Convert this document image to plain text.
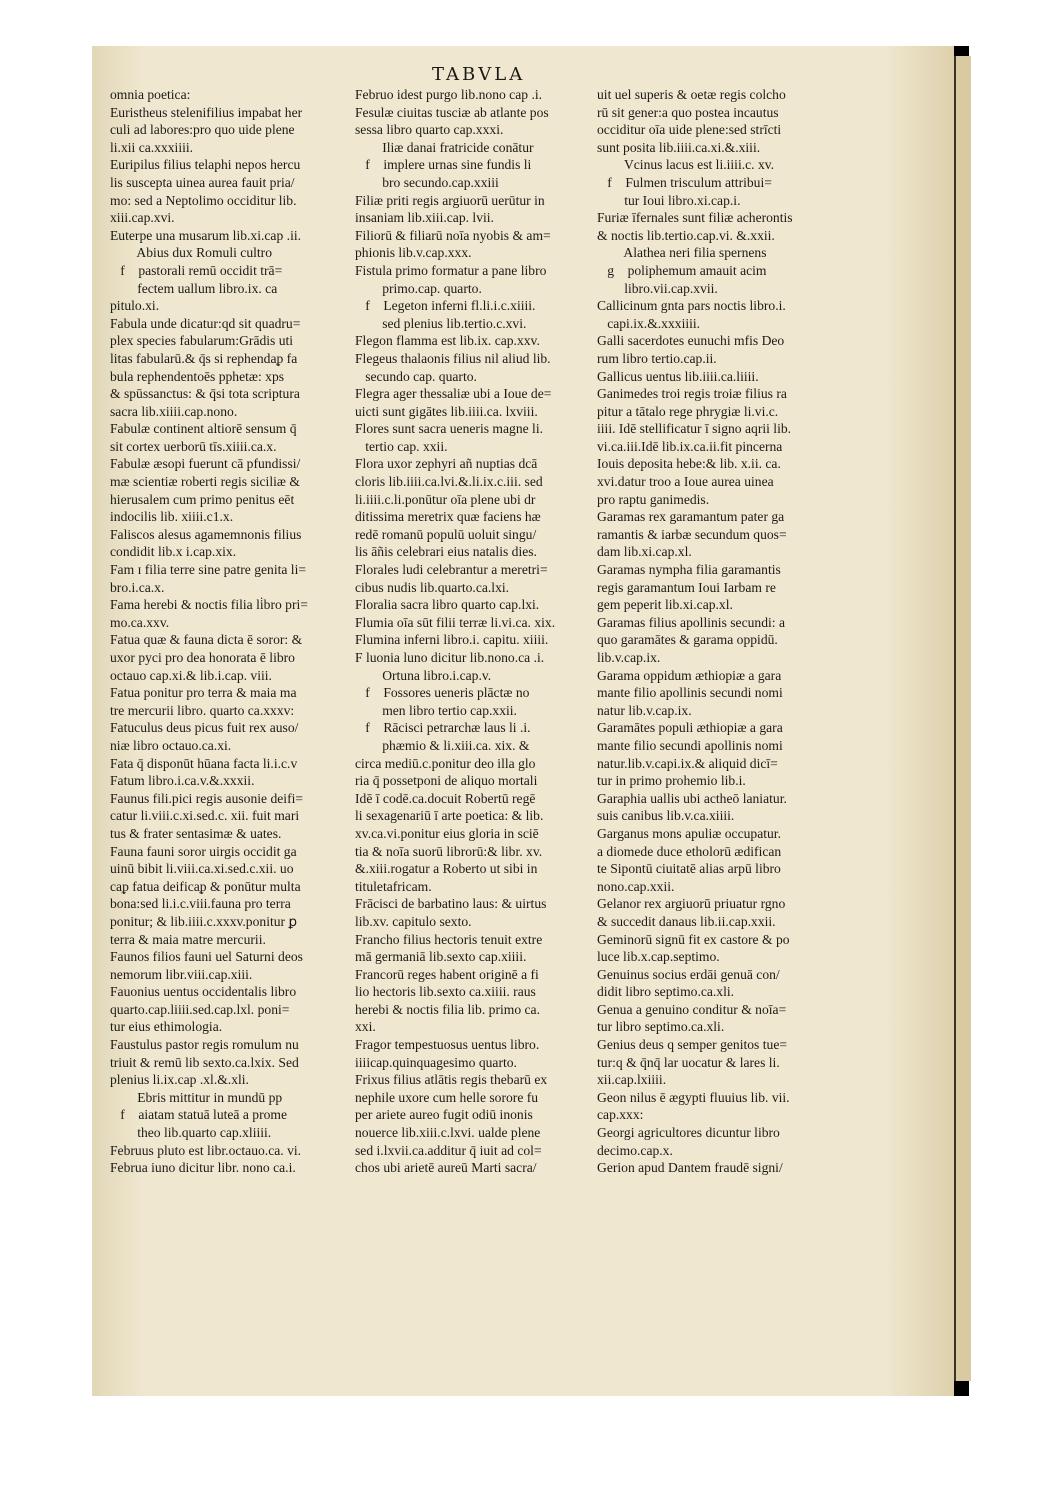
TABVLA
omnia poetica:
Euristheus stelenifilius impabat her
culi ad labores:pro quo uide plene
li.xii ca.xxxiiii.
Euripilus filius telaphi nepos hercu
lis suscepta uinea aurea fauit pria/
mo: sed a Neptolimo occiditur lib.
xiii.cap.xvi.
Euterpe una musarum lib.xi.cap .ii.
Abius dux Romuli cultro
f    pastorali remū occidit trā=
fectem uallum libro.ix. ca
pitulo.xi.
Fabula unde dicatur:qd sit quadru=
plex species fabularum:Grādis uti
litas fabularū.& q̄s si rephendaᵱ fa
bula rephendentoēs pphetæ: xps
& spūssanctus: & q̄si tota scriptura
sacra lib.xiiii.cap.nono.
Fabulæ continent altiorē sensum q̄
sit cortex uerborū tīs.xiiii.ca.x.
Fabulæ æsopi fuerunt cā pfundissi/
mæ scientiæ roberti regis siciliæ &
hierusalem cum primo penitus eēt
indocilis lib. xiiii.c1.x.
Faliscos alesus agamemnonis filius
condidit lib.x i.cap.xix.
Fam ɪ filia terre sine patre genita li=
bro.i.ca.x.
Fama herebi & noctis filia li̇bro pri=
mo.ca.xxv.
Fatua quæ & fauna dicta ē soror: &
uxor pyci pro dea honorata ē libro
octauo cap.xi.& lib.i.cap. viii.
Fatua ponitur pro terra & maia ma
tre mercurii libro. quarto ca.xxxv:
Fatuculus deus picus fuit rex auso/
niæ libro octauo.ca.xi.
Fata q̄ disponūt hūana facta li.i.c.v
Fatum libro.i.ca.v.&.xxxii.
Faunus fili.pici regis ausonie deifi=
catur li.viii.c.xi.sed.c. xii. fuit mari
tus & frater sentasimæ & uates.
Fauna fauni soror uirgis occidit ga
uinū bibit li.viii.ca.xi.sed.c.xii. uo
caᵱ fatua deificaᵱ & ponūtur multa
bona:sed li.i.c.viii.fauna pro terra
ponitur; & lib.iiii.c.xxxv.ponitur ꝑ
terra & maia matre mercurii.
Faunos filios fauni uel Saturni deos
nemorum libr.viii.cap.xiii.
Fauonius uentus occidentalis libro
quarto.cap.liiii.sed.cap.lxl. poni=
tur eius ethimologia.
Faustulus pastor regis romulum nu
triuit & remū lib sexto.ca.lxix. Sed
plenius li.ix.cap .xl.&.xli.
Ebris mittitur in mundū pp
f    aiatam statuā luteā a prome
theo lib.quarto cap.xliiii.
Februus pluto est libr.octauo.ca. vi.
Februa iuno dicitur libr. nono ca.i.
Februo idest purgo lib.nono cap .i.
Fesulæ ciuitas tusciæ ab atlante pos
sessa libro quarto cap.xxxi.
Iliæ danai fratricide conātur
f    implere urnas sine fundis li
bro secundo.cap.xxiii
Filiæ priti regis argiuorū uerūtur in
insaniam lib.xiii.cap. lvii.
Filiorū & filiarū noīa nyobis & am=
phionis lib.v.cap.xxx.
Fistula primo formatur a pane libro
primo.cap. quarto.
f    Legeton inferni fl.li.i.c.xiiii.
sed plenius lib.tertio.c.xvi.
Flegon flamma est lib.ix. cap.xxv.
Flegeus thalaonis filius nil aliud lib.
secundo cap. quarto.
Flegra ager thessaliæ ubi a Ioue de=
uicti sunt gigātes lib.iiii.ca. lxviii.
Flores sunt sacra ueneris magne li.
tertio cap. xxii.
Flora uxor zephyri añ nuptias dcā
cloris lib.iiii.ca.lvi.&.li.ix.c.iii. sed
li.iiii.c.li.ponūtur oīa plene ubi dr
ditissima meretrix quæ faciens hæ
redē romanū populū uoluit singu/
lis āñis celebrari eius natalis dies.
Florales ludi celebrantur a meretri=
cibus nudis lib.quarto.ca.lxi.
Floralia sacra libro quarto cap.lxi.
Flumia oīa sūt filii terræ li.vi.ca. xix.
Flumina inferni libro.i. capitu. xiiii.
F luonia luno dicitur lib.nono.ca .i.
Ortuna libro.i.cap.v.
f    Fossores ueneris plāctæ no
men libro tertio cap.xxii.
f    Rācisci petrarchæ laus li .i.
phæmio & li.xiii.ca. xix. &
circa mediū.c.ponitur deo illa glo
ria q̄ possetponi de aliquo mortali
Idē ī codē.ca.docuit Robertū regē
li sexagenariū ī arte poetica: & lib.
xv.ca.vi.ponitur eius gloria in sciē
tia & noīa suorū librorū:& libr. xv.
&.xiii.rogatur a Roberto ut sibi in
tituletafricam.
Frācisci de barbatino laus: & uirtus
lib.xv. capitulo sexto.
Francho filius hectoris tenuit extre
mā germaniā lib.sexto cap.xiiii.
Francorū reges habent originē a fi
lio hectoris lib.sexto ca.xiiii. raus
herebi & noctis filia lib. primo ca.
xxi.
Fragor tempestuosus uentus libro.
iiiicap.quinquagesimo quarto.
Frixus filius atlātis regis thebarū ex
nephile uxore cum helle sorore fu
per ariete aureo fugit odiū inonis
nouerce lib.xiii.c.lxvi. ualde plene
sed i.lxvii.ca.additur q̄ iuit ad col=
chos ubi arietē aureū Marti sacra/
uit uel superis & oetæ regis colcho
rū sit gener:a quo postea incautus
occiditur oīa uide plene:sed strīcti
sunt posita lib.iiii.ca.xi.&.xiii.
Vcinus lacus est li.iiii.c. xv.
f    Fulmen trisculum attribui=
tur Ioui libro.xi.cap.i.
Furiæ īfernales sunt filiæ acherontis
& noctis lib.tertio.cap.vi. &.xxii.
Alathea neri filia spernens
g    poliphemum amauit acim
libro.vii.cap.xvii.
Callicinum gnta pars noctis libro.i.
capi.ix.&.xxxiiii.
Galli sacerdotes eunuchi mfis Deo
rum libro tertio.cap.ii.
Gallicus uentus lib.iiii.ca.liiii.
Ganimedes troi regis troiæ filius ra
pitur a tātalo rege phrygiæ li.vi.c.
iiii. Idē stellificatur ī signo aqrii lib.
vi.ca.iii.Idē lib.ix.ca.ii.fit pincerna
Iouis deposita hebe:& lib. x.ii. ca.
xvi.datur troo a Ioue aurea uinea
pro raptu ganimedis.
Garamas rex garamantum pater ga
ramantis & iarbæ secundum quos=
dam lib.xi.cap.xl.
Garamas nympha filia garamantis
regis garamantum Ioui Iarbam re
gem peperit lib.xi.cap.xl.
Garamas filius apollinis secundi: a
quo garamātes & garama oppidū.
lib.v.cap.ix.
Garama oppidum æthiopiæ a gara
mante filio apollinis secundi nomi
natur lib.v.cap.ix.
Garamātes populi æthiopiæ a gara
mante filio secundi apollinis nomi
natur.lib.v.capi.ix.& aliquid dicī=
tur in primo prohemio lib.i.
Garaphia uallis ubi actheō laniatur.
suis canibus lib.v.ca.xiiii.
Garganus mons apuliæ occupatur.
a diomede duce etholorū ædifican
te Sipontū ciuitatē alias arpū libro
nono.cap.xxii.
Gelanor rex argiuorū priuatur rgno
& succedit danaus lib.ii.cap.xxii.
Geminorū signū fit ex castore & po
luce lib.x.cap.septimo.
Genuinus socius erdāi genuā con/
didit libro septimo.ca.xli.
Genua a genuino conditur & noīa=
tur libro septimo.ca.xli.
Genius deus q semper genitos tue=
tur:q & q̄nq̄ lar uocatur & lares li.
xii.cap.lxiiii.
Geon nilus ē ægypti fluuius lib. vii.
cap.xxx:
Georgi agricultores dicuntur libro
decimo.cap.x.
Gerion apud Dantem fraudē signi/
